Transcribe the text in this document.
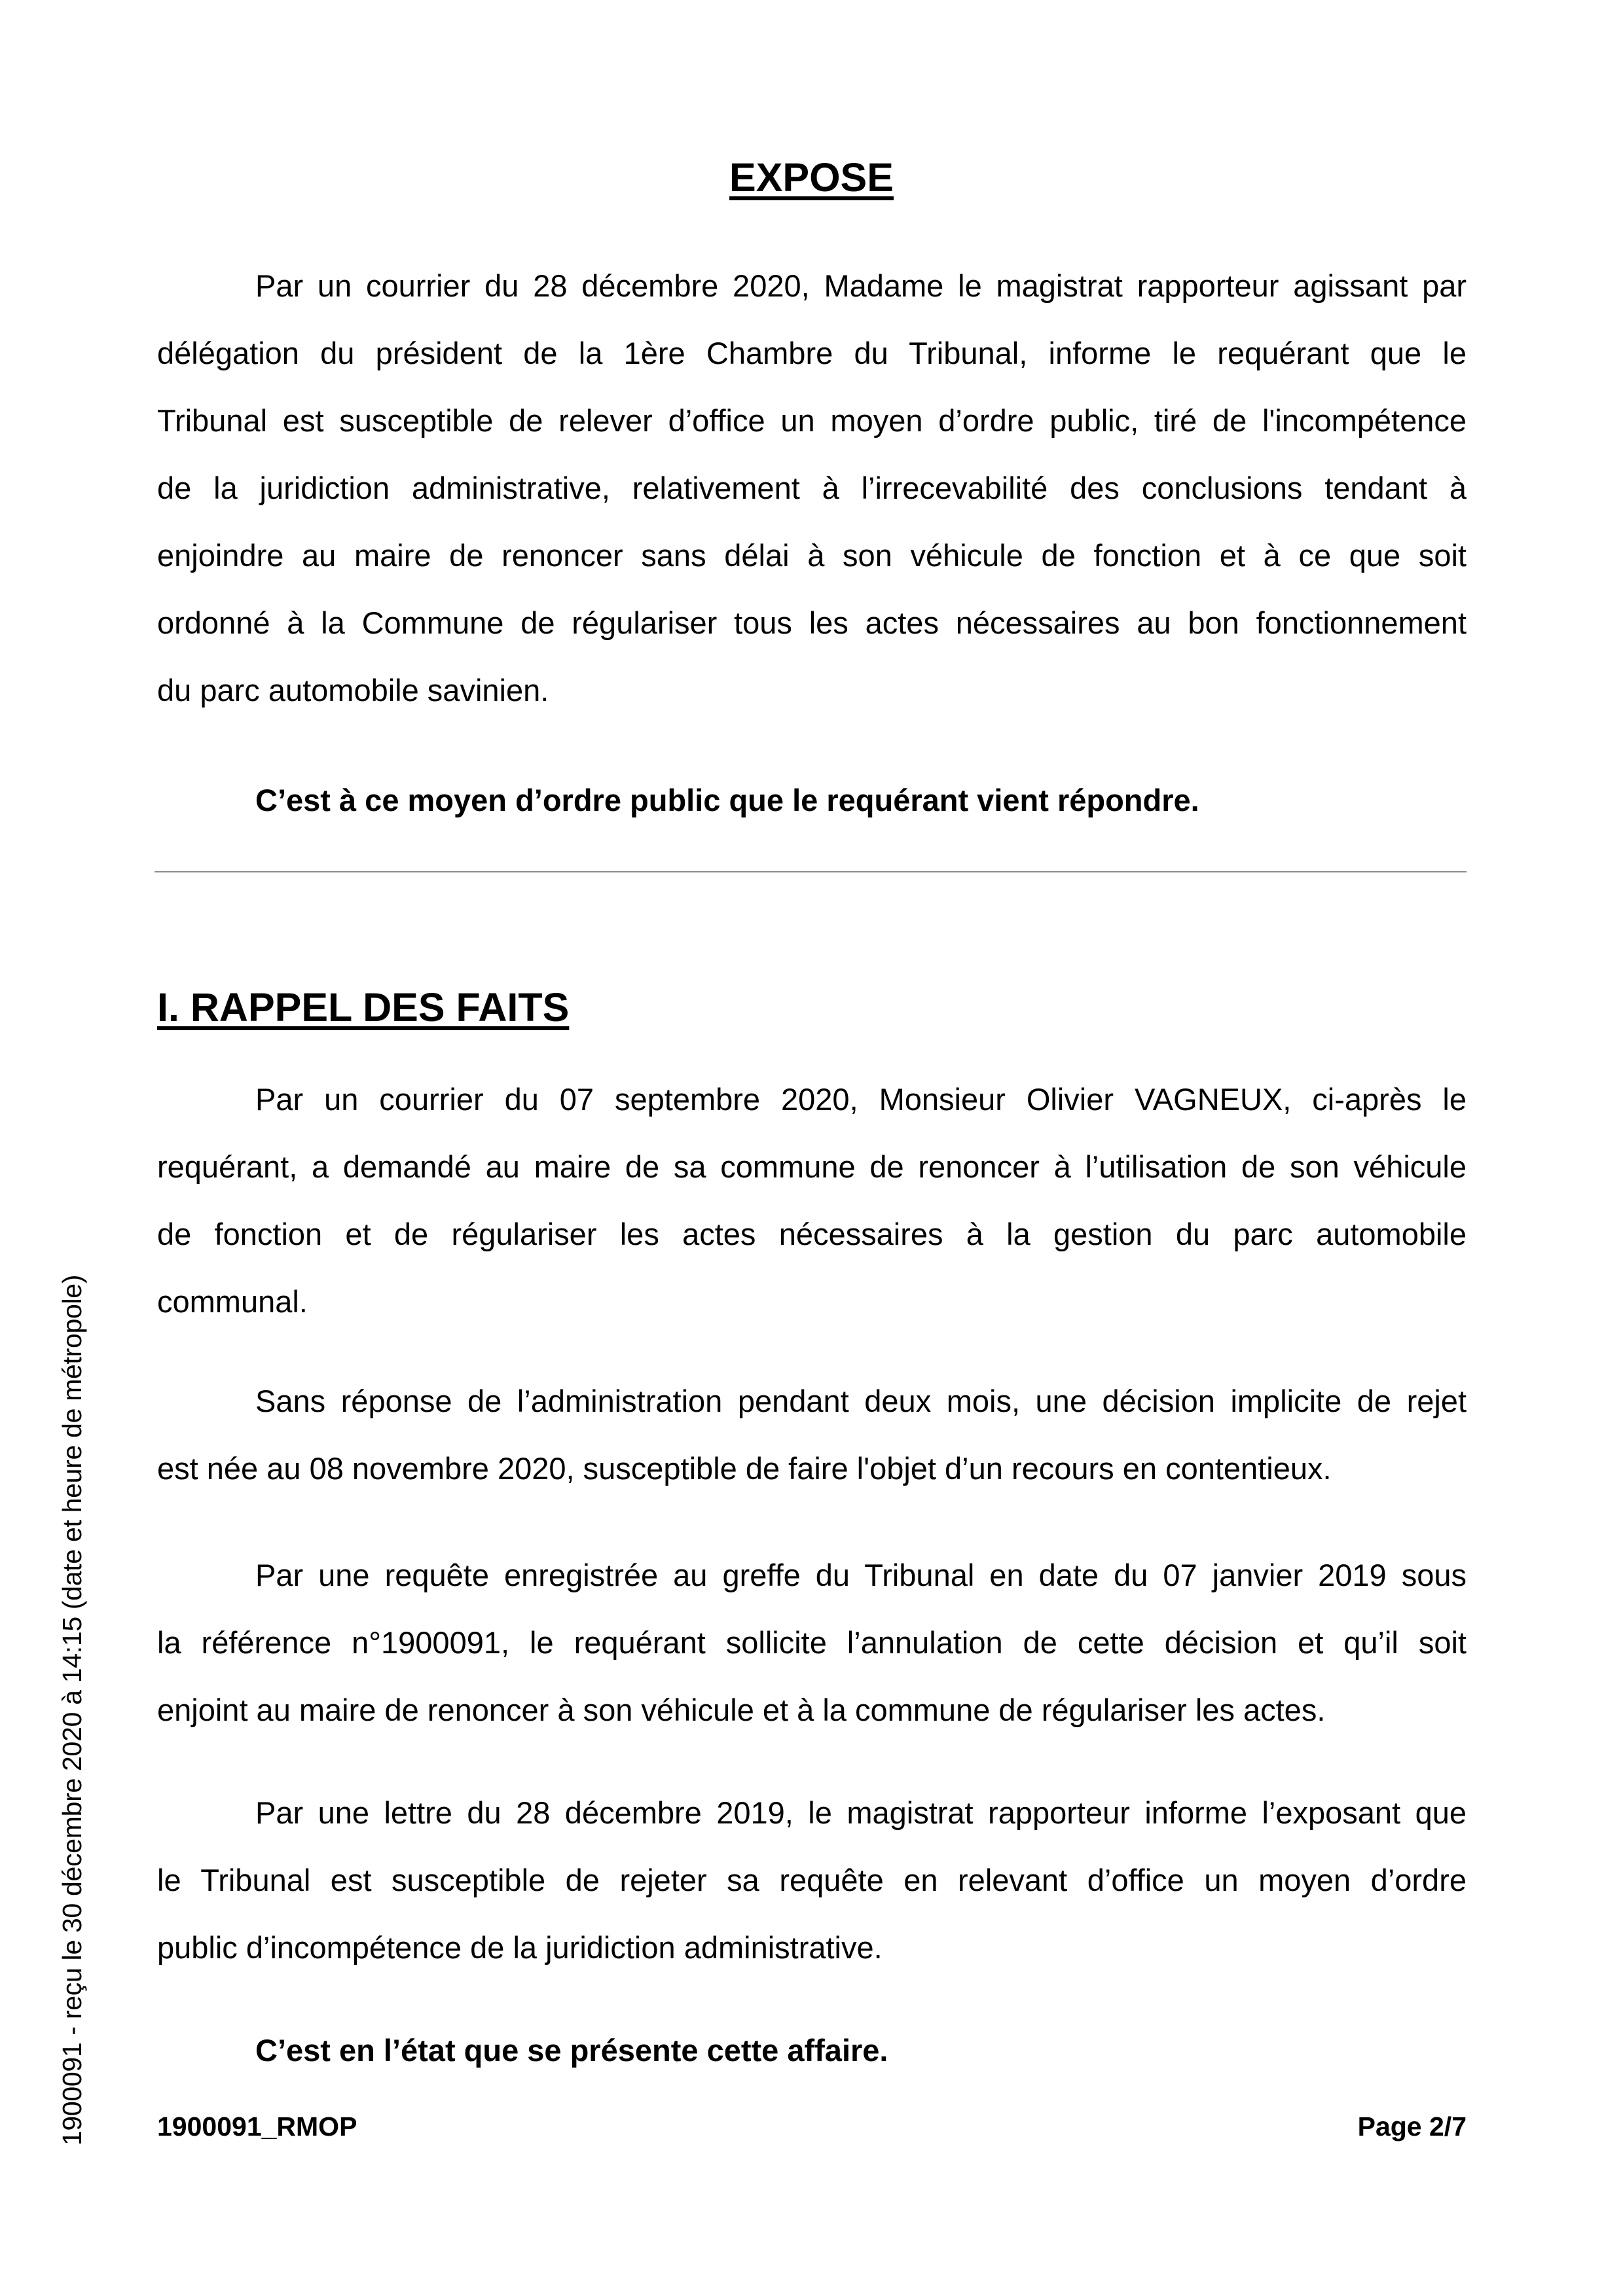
1900091 - reçu le 30 décembre 2020 à 14:15 (date et heure de métropole)
EXPOSE
Par un courrier du 28 décembre 2020, Madame le magistrat rapporteur agissant par
délégation du président de la 1ère Chambre du Tribunal, informe le requérant que le
Tribunal est susceptible de relever d’office un moyen d’ordre public, tiré de l'incompétence
de la juridiction administrative, relativement à l’irrecevabilité des conclusions tendant à
enjoindre au maire de renoncer sans délai à son véhicule de fonction et à ce que soit
ordonné à la Commune de régulariser tous les actes nécessaires au bon fonctionnement
du parc automobile savinien.
C’est à ce moyen d’ordre public que le requérant vient répondre.
I. RAPPEL DES FAITS
Par un courrier du 07 septembre 2020, Monsieur Olivier VAGNEUX, ci-après le
requérant, a demandé au maire de sa commune de renoncer à l’utilisation de son véhicule
de fonction et de régulariser les actes nécessaires à la gestion du parc automobile
communal.
Sans réponse de l’administration pendant deux mois, une décision implicite de rejet
est née au 08 novembre 2020, susceptible de faire l'objet d’un recours en contentieux.
Par une requête enregistrée au greffe du Tribunal en date du 07 janvier 2019 sous
la référence n°1900091, le requérant sollicite l’annulation de cette décision et qu’il soit
enjoint au maire de renoncer à son véhicule et à la commune de régulariser les actes.
Par une lettre du 28 décembre 2019, le magistrat rapporteur informe l’exposant que
le Tribunal est susceptible de rejeter sa requête en relevant d’office un moyen d’ordre
public d’incompétence de la juridiction administrative.
C’est en l’état que se présente cette affaire.
1900091_RMOP	Page 2/7
